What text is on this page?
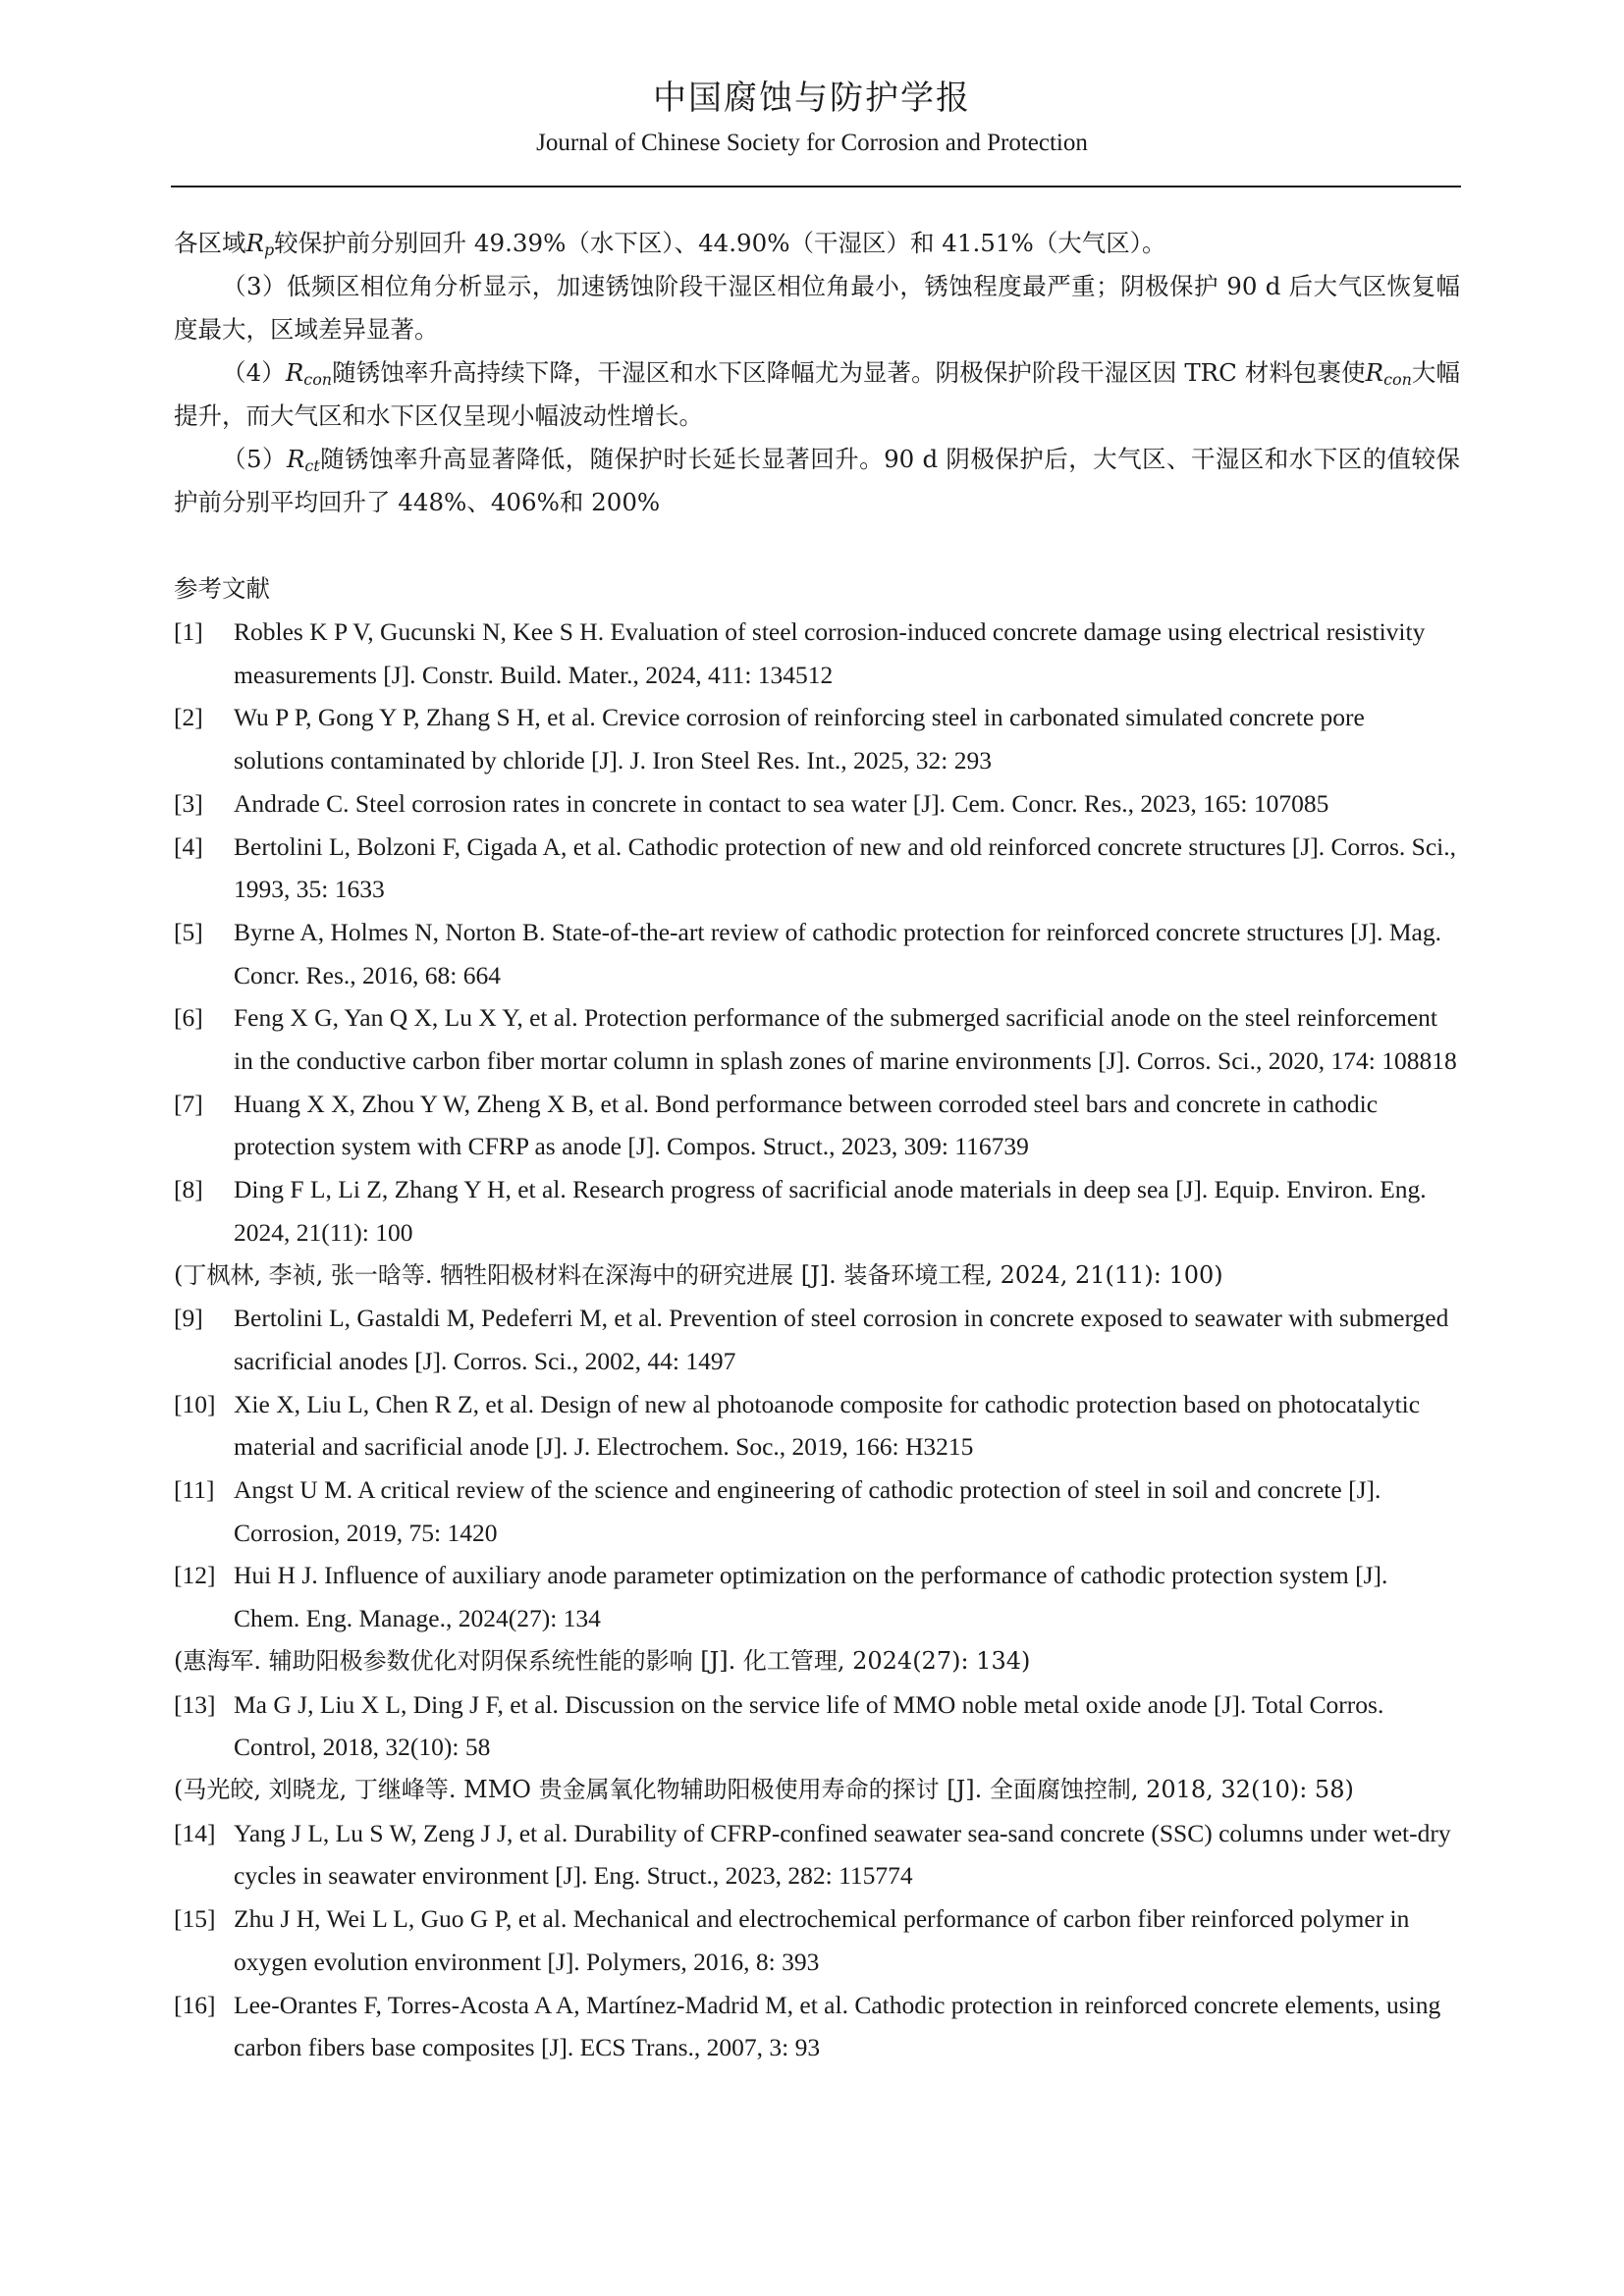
中国腐蚀与防护学报
Journal of Chinese Society for Corrosion and Protection

各区域$R_p$较保护前分别回升 49.39%（水下区）、44.90%（干湿区）和 41.51%（大气区）。

（3）低频区相位角分析显示，加速锈蚀阶段干湿区相位角最小，锈蚀程度最严重；阴极保护 90 d 后大气区恢复幅度最大，区域差异显著。

$(4)R_{con}$随锈蚀率升高持续下降，干湿区和水下区降幅尤为显著。阴极保护阶段干湿区因 TRC 材料包裹使$R_{con}$大幅提升，而大气区和水下区仅呈现小幅波动性增长。

$(5)R_{ct}$随锈蚀率升高显著降低，随保护时长延长显著回升。90 d 阴极保护后，大气区、干湿区和水下区的值较保护前分别平均回升了 448%、406%和 200%

参考文献

[1] Robles K P V, Gucunski N, Kee S H. Evaluation of steel corrosion-induced concrete damage using electrical resistivity measurements [J]. Constr. Build. Mater., 2024, 411: 134512
[2] Wu P P, Gong Y P, Zhang S H, et al. Crevice corrosion of reinforcing steel in carbonated simulated concrete pore solutions contaminated by chloride [J]. J. Iron Steel Res. Int., 2025, 32: 293
[3] Andrade C. Steel corrosion rates in concrete in contact to sea water [J]. Cem. Concr. Res., 2023, 165: 107085
[4] Bertolini L, Bolzoni F, Cigada A, et al. Cathodic protection of new and old reinforced concrete structures [J]. Corros. Sci., 1993, 35: 1633
[5] Byrne A, Holmes N, Norton B. State-of-the-art review of cathodic protection for reinforced concrete structures [J]. Mag. Concr. Res., 2016, 68: 664
[6] Feng X G, Yan Q X, Lu X Y, et al. Protection performance of the submerged sacrificial anode on the steel reinforcement in the conductive carbon fiber mortar column in splash zones of marine environments [J]. Corros. Sci., 2020, 174: 108818
[7] Huang X X, Zhou Y W, Zheng X B, et al. Bond performance between corroded steel bars and concrete in cathodic protection system with CFRP as anode [J]. Compos. Struct., 2023, 309: 116739
[8] Ding F L, Li Z, Zhang Y H, et al. Research progress of sacrificial anode materials in deep sea [J]. Equip. Environ. Eng. 2024, 21(11): 100
(丁枫林, 李祯, 张一晗等. 牺牲阳极材料在深海中的研究进展 [J]. 装备环境工程, 2024, 21(11): 100)
[9] Bertolini L, Gastaldi M, Pedeferri M, et al. Prevention of steel corrosion in concrete exposed to seawater with submerged sacrificial anodes [J]. Corros. Sci., 2002, 44: 1497
[10] Xie X, Liu L, Chen R Z, et al. Design of new al photoanode composite for cathodic protection based on photocatalytic material and sacrificial anode [J]. J. Electrochem. Soc., 2019, 166: H3215
[11] Angst U M. A critical review of the science and engineering of cathodic protection of steel in soil and concrete [J]. Corrosion, 2019, 75: 1420
[12] Hui H J. Influence of auxiliary anode parameter optimization on the performance of cathodic protection system [J]. Chem. Eng. Manage., 2024(27): 134
(惠海军. 辅助阳极参数优化对阴保系统性能的影响 [J]. 化工管理, 2024(27): 134)
[13] Ma G J, Liu X L, Ding J F, et al. Discussion on the service life of MMO noble metal oxide anode [J]. Total Corros. Control, 2018, 32(10): 58
(马光皎, 刘晓龙, 丁继峰等. MMO 贵金属氧化物辅助阳极使用寿命的探讨 [J]. 全面腐蚀控制, 2018, 32(10): 58)
[14] Yang J L, Lu S W, Zeng J J, et al. Durability of CFRP-confined seawater sea-sand concrete (SSC) columns under wet-dry cycles in seawater environment [J]. Eng. Struct., 2023, 282: 115774
[15] Zhu J H, Wei L L, Guo G P, et al. Mechanical and electrochemical performance of carbon fiber reinforced polymer in oxygen evolution environment [J]. Polymers, 2016, 8: 393
[16] Lee-Orantes F, Torres-Acosta A A, Martínez-Madrid M, et al. Cathodic protection in reinforced concrete elements, using carbon fibers base composites [J]. ECS Trans., 2007, 3: 93
